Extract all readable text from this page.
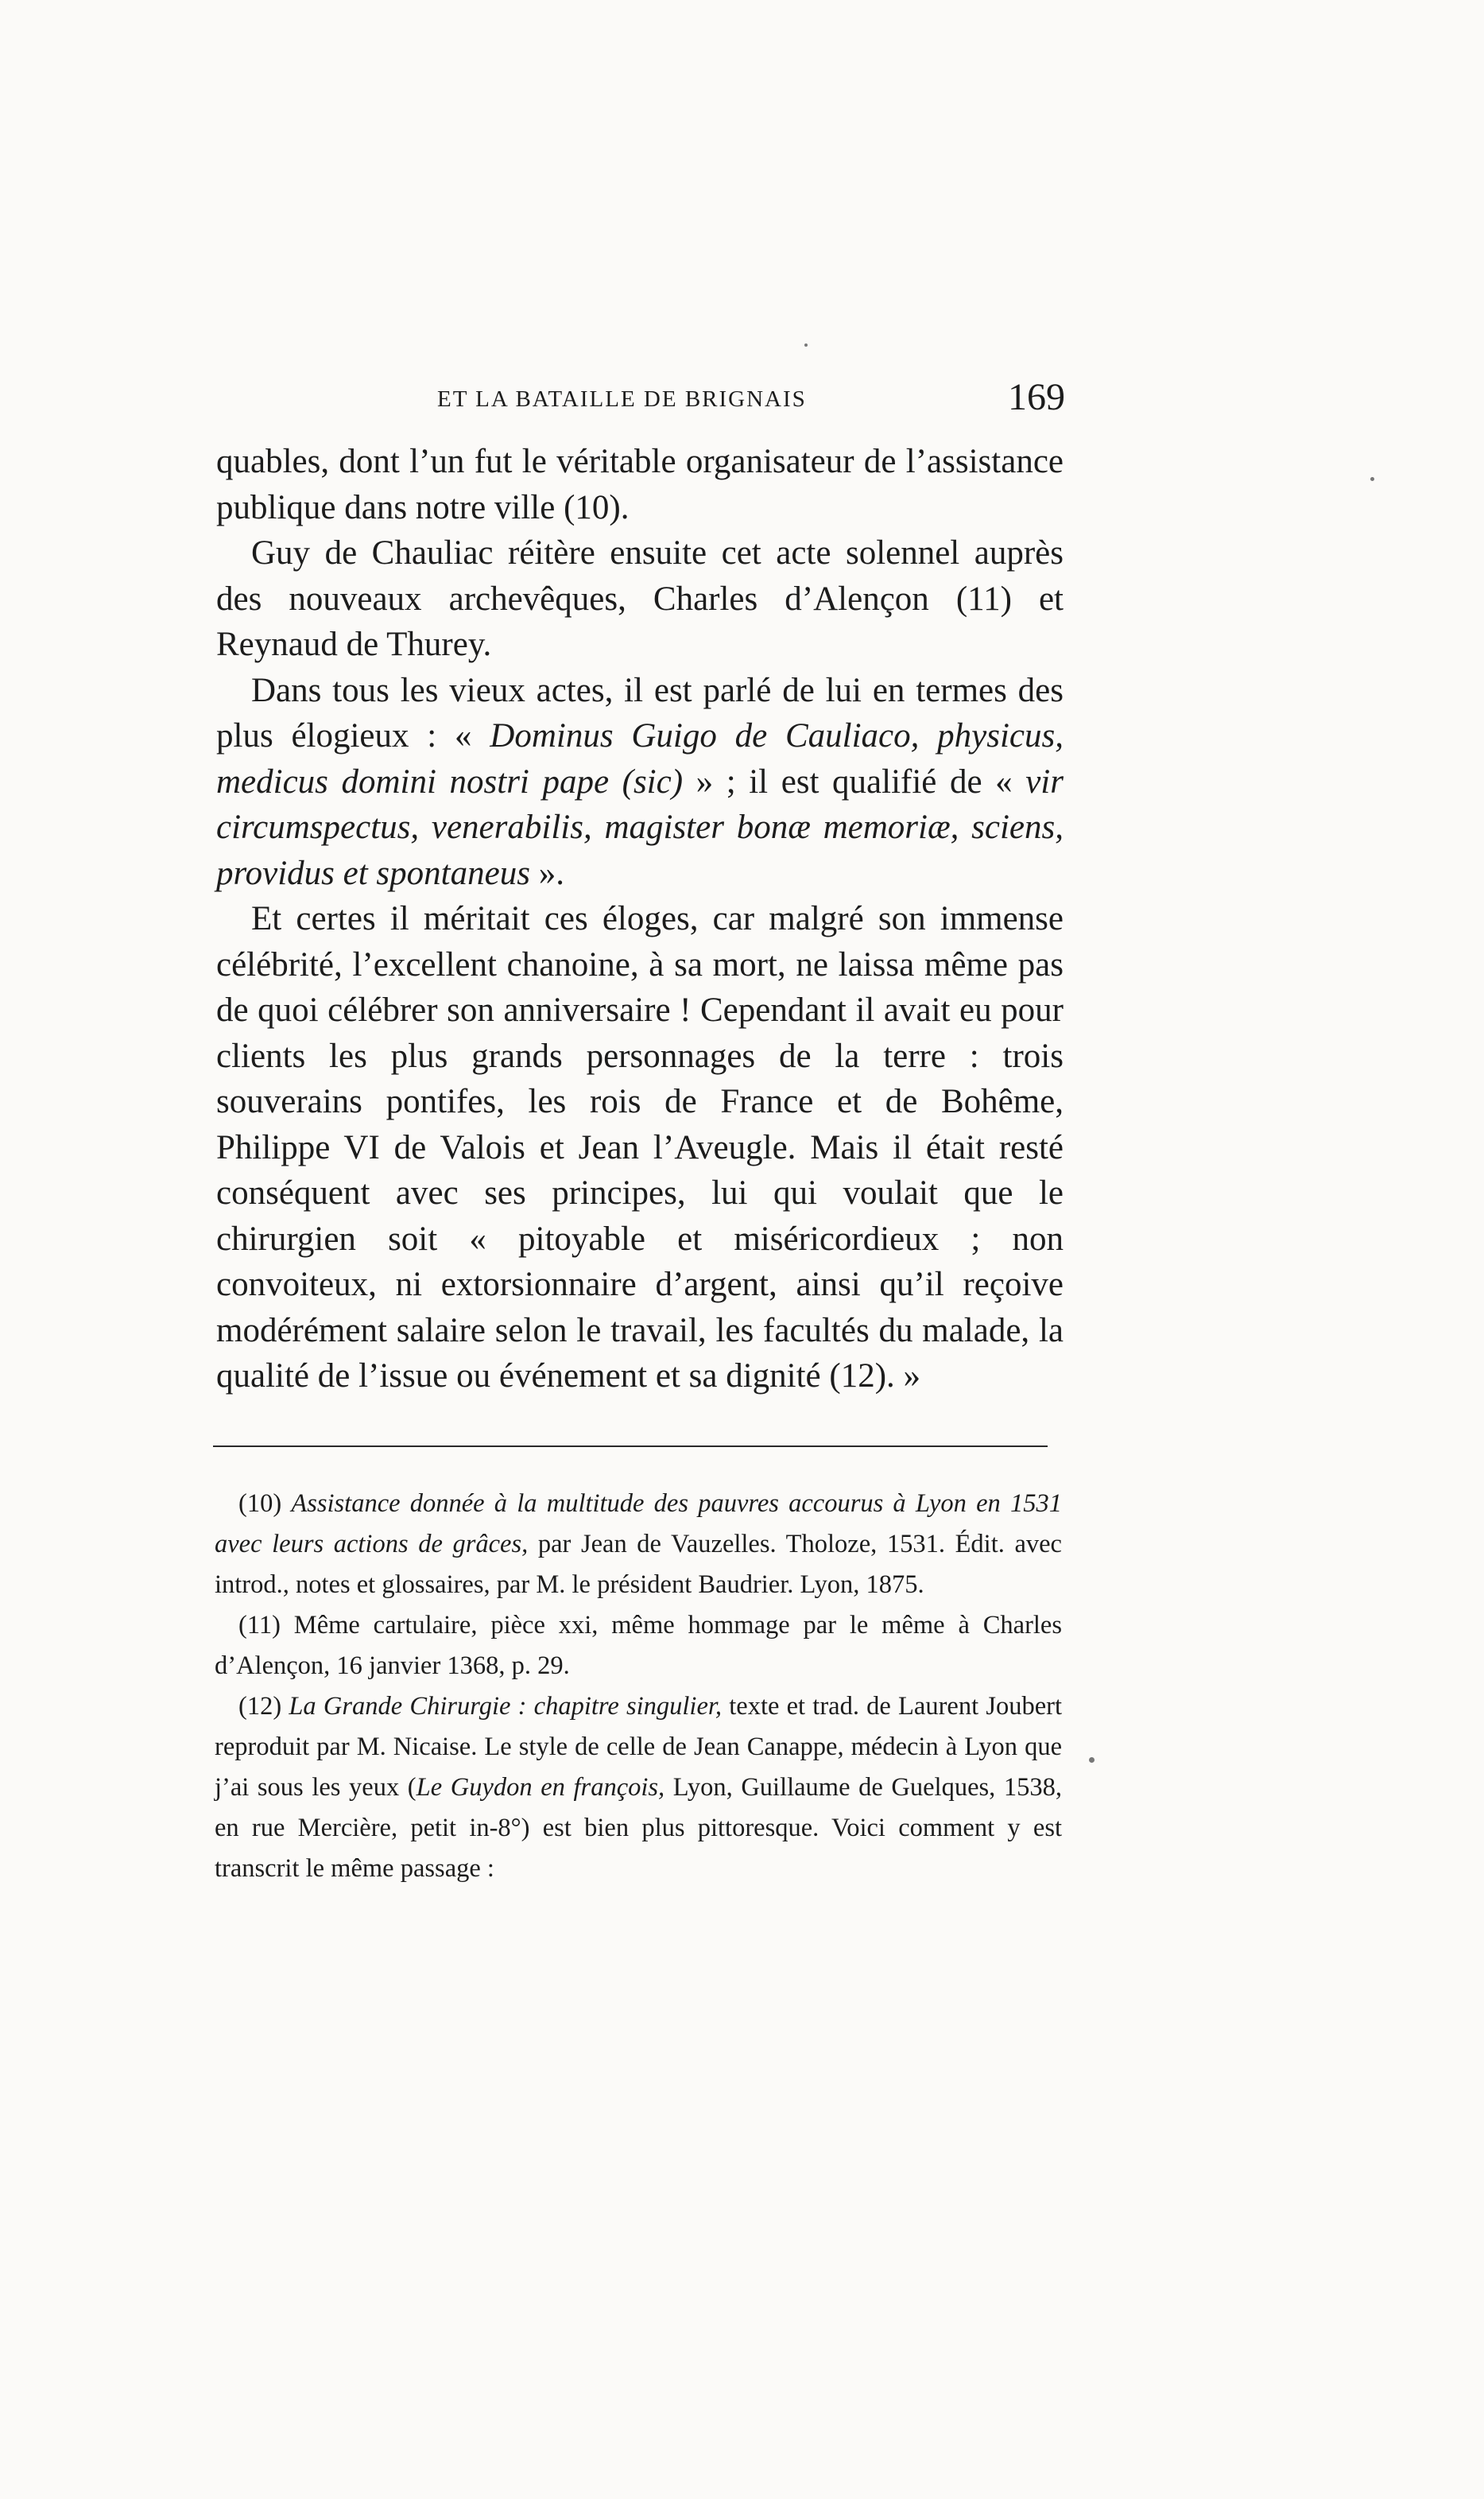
ET LA BATAILLE DE BRIGNAIS	169

quables, dont l’un fut le véritable organisateur de l’assistance publique dans notre ville (10).

Guy de Chauliac réitère ensuite cet acte solennel auprès des nouveaux archevêques, Charles d’Alençon (11) et Reynaud de Thurey.

Dans tous les vieux actes, il est parlé de lui en termes des plus élogieux : « Dominus Guigo de Cauliaco, physicus, medicus domini nostri pape (sic) » ; il est qualifié de « vir circumspectus, venerabilis, magister bonæ memoriæ, sciens, providus et spontaneus ».

Et certes il méritait ces éloges, car malgré son immense célébrité, l’excellent chanoine, à sa mort, ne laissa même pas de quoi célébrer son anniversaire ! Cependant il avait eu pour clients les plus grands personnages de la terre : trois souverains pontifes, les rois de France et de Bohême, Philippe VI de Valois et Jean l’Aveugle. Mais il était resté conséquent avec ses principes, lui qui voulait que le chirurgien soit « pitoyable et miséricordieux ; non convoiteux, ni extorsionnaire d’argent, ainsi qu’il reçoive modérément salaire selon le travail, les facultés du malade, la qualité de l’issue ou événement et sa dignité (12). »

(10) Assistance donnée à la multitude des pauvres accourus à Lyon en 1531 avec leurs actions de grâces, par Jean de Vauzelles. Tholoze, 1531. Édit. avec introd., notes et glossaires, par M. le président Baudrier. Lyon, 1875.

(11) Même cartulaire, pièce xxi, même hommage par le même à Charles d’Alençon, 16 janvier 1368, p. 29.

(12) La Grande Chirurgie : chapitre singulier, texte et trad. de Laurent Joubert reproduit par M. Nicaise. Le style de celle de Jean Canappe, médecin à Lyon que j’ai sous les yeux (Le Guydon en françois, Lyon, Guillaume de Guelques, 1538, en rue Mercière, petit in-8°) est bien plus pittoresque. Voici comment y est transcrit le même passage :
